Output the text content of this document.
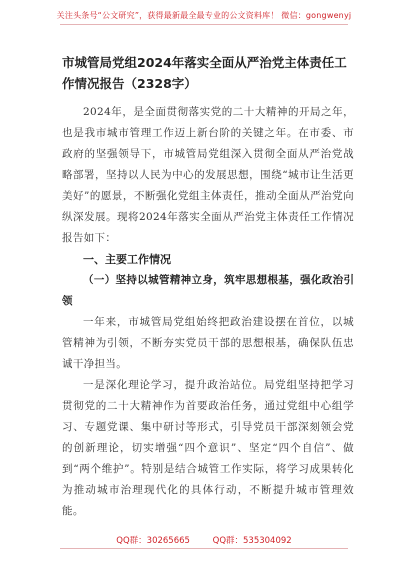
关注头条号“公文研究”，获得最新最全最专业的公文资料库！ 微信：gongwenyj

市城管局党组2024年落实全面从严治党主体责任工作情况报告（2328字）

2024年，是全面贯彻落实党的二十大精神的开局之年，也是我市城市管理工作迈上新台阶的关键之年。在市委、市政府的坚强领导下，市城管局党组深入贯彻全面从严治党战略部署，坚持以人民为中心的发展思想，围绕“城市让生活更美好”的愿景，不断强化党组主体责任，推动全面从严治党向纵深发展。现将2024年落实全面从严治党主体责任工作情况报告如下：

一、主要工作情况

（一）坚持以城管精神立身，筑牢思想根基，强化政治引领

一年来，市城管局党组始终把政治建设摆在首位，以城管精神为引领，不断夯实党员干部的思想根基，确保队伍忠诚干净担当。

一是深化理论学习，提升政治站位。局党组坚持把学习贯彻党的二十大精神作为首要政治任务，通过党组中心组学习、专题党课、集中研讨等形式，引导党员干部深刻领会党的创新理论，切实增强“四个意识”、坚定“四个自信”、做到“两个维护”。特别是结合城管工作实际，将学习成果转化为推动城市治理现代化的具体行动，不断提升城市管理效能。

QQ群：30265665	QQ群：535304092
